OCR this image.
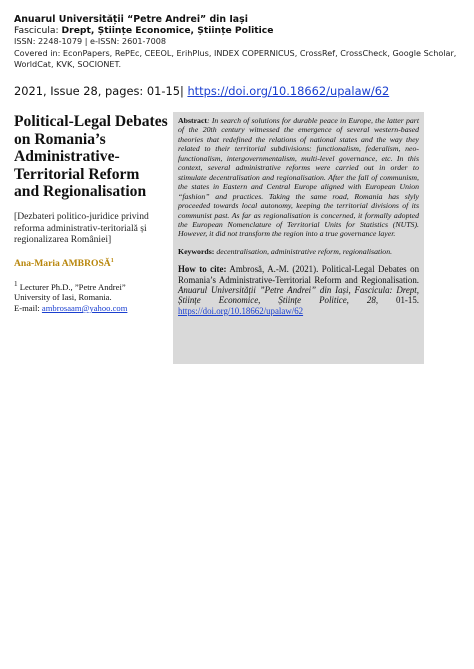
Anuarul Universității “Petre Andrei” din Iași
Fascicula: Drept, Științe Economice, Științe Politice
ISSN: 2248-1079 | e-ISSN: 2601-7008
Covered in: EconPapers, RePEc, CEEOL, ErihPlus, INDEX COPERNICUS, CrossRef, CrossCheck, Google Scholar, WorldCat, KVK, SOCIONET.
2021, Issue 28, pages: 01-15| https://doi.org/10.18662/upalaw/62
Political-Legal Debates on Romania’s Administrative-Territorial Reform and Regionalisation
[Dezbateri politico-juridice privind reforma administrativ-teritorială și regionalizarea României]
Ana-Maria AMBROSĂ$^1$
$^1$ Lecturer Ph.D., ”Petre Andrei”
University of Iasi, Romania.
E-mail: ambrosaam@yahoo.com
Abstract: In search of solutions for durable peace in Europe, the latter part of the 20th century witnessed the emergence of several western-based theories that redefined the relations of national states and the way they related to their territorial subdivisions: functionalism, federalism, neo-functionalism, intergovernmentalism, multi-level governance, etc. In this context, several administrative reforms were carried out in order to stimulate decentralisation and regionalisation. After the fall of communism, the states in Eastern and Central Europe aligned with European Union “fashion” and practices. Taking the same road, Romania has slyly proceeded towards local autonomy, keeping the territorial divisions of its communist past. As far as regionalisation is concerned, it formally adopted the European Nomenclature of Territorial Units for Statistics (NUTS). However, it did not transform the region into a true governance layer.
Keywords: decentralisation, administrative reform, regionalisation.
How to cite: Ambrosă, A.-M. (2021). Political-Legal Debates on Romania’s Administrative-Territorial Reform and Regionalisation. Anuarul Universității ”Petre Andrei” din Iași, Fascicula: Drept, Științe Economice, Științe Politice, 28, 01-15. https://doi.org/10.18662/upalaw/62
